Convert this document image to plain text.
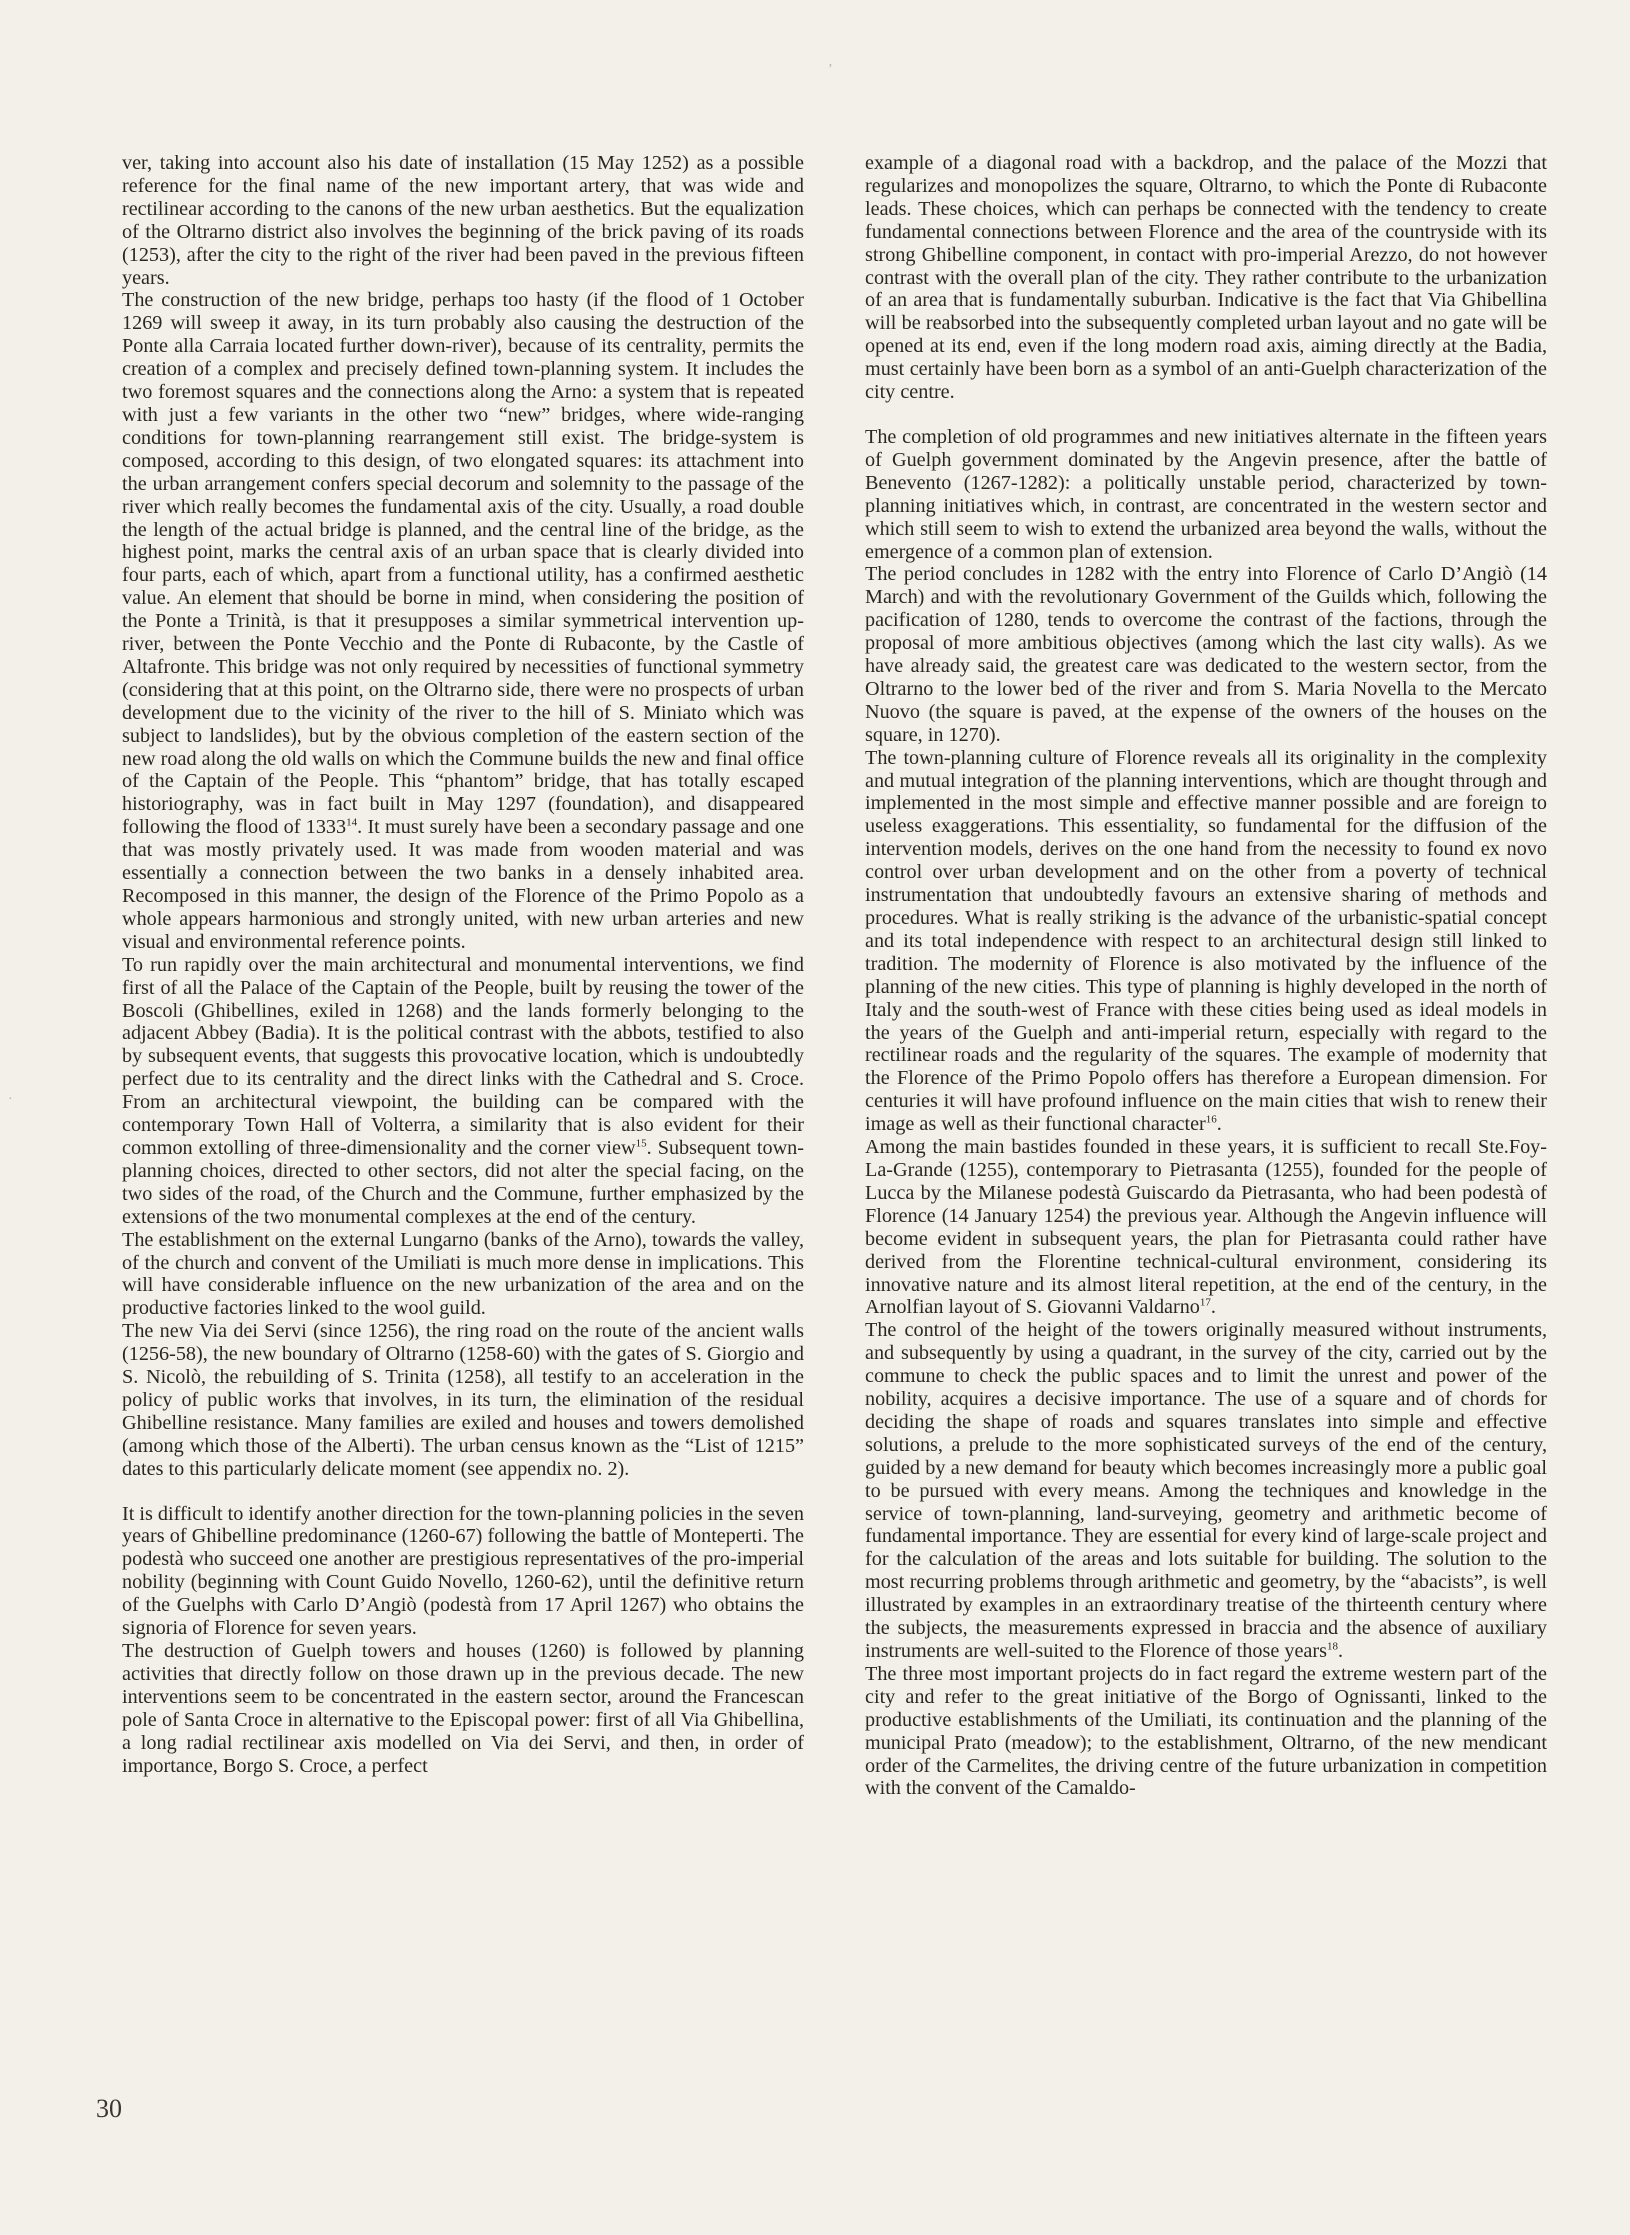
ver, taking into account also his date of installation (15 May 1252) as a possible reference for the final name of the new important artery, that was wide and rectilinear according to the canons of the new urban aesthetics. But the equalization of the Oltrarno district also involves the beginning of the brick paving of its roads (1253), after the city to the right of the river had been paved in the previous fifteen years.

The construction of the new bridge, perhaps too hasty (if the flood of 1 October 1269 will sweep it away, in its turn probably also causing the destruction of the Ponte alla Carraia located further down-river), because of its centrality, permits the creation of a complex and precisely defined town-planning system. It includes the two foremost squares and the connections along the Arno: a system that is repeated with just a few variants in the other two “new” bridges, where wide-ranging conditions for town-planning rearrangement still exist. The bridge-system is composed, according to this design, of two elongated squares: its attachment into the urban arrangement confers special decorum and solemnity to the passage of the river which really becomes the fundamental axis of the city. Usually, a road double the length of the actual bridge is planned, and the central line of the bridge, as the highest point, marks the central axis of an urban space that is clearly divided into four parts, each of which, apart from a functional utility, has a confirmed aesthetic value. An element that should be borne in mind, when considering the position of the Ponte a Trinità, is that it presupposes a similar symmetrical intervention up-river, between the Ponte Vecchio and the Ponte di Rubaconte, by the Castle of Altafronte. This bridge was not only required by necessities of functional symmetry (considering that at this point, on the Oltrarno side, there were no prospects of urban development due to the vicinity of the river to the hill of S. Miniato which was subject to landslides), but by the obvious completion of the eastern section of the new road along the old walls on which the Commune builds the new and final office of the Captain of the People. This “phantom” bridge, that has totally escaped historiography, was in fact built in May 1297 (foundation), and disappeared following the flood of 1333$^{14}$. It must surely have been a secondary passage and one that was mostly privately used. It was made from wooden material and was essentially a connection between the two banks in a densely inhabited area. Recomposed in this manner, the design of the Florence of the Primo Popolo as a whole appears harmonious and strongly united, with new urban arteries and new visual and environmental reference points.

To run rapidly over the main architectural and monumental interventions, we find first of all the Palace of the Captain of the People, built by reusing the tower of the Boscoli (Ghibellines, exiled in 1268) and the lands formerly belonging to the adjacent Abbey (Badia). It is the political contrast with the abbots, testified to also by subsequent events, that suggests this provocative location, which is undoubtedly perfect due to its centrality and the direct links with the Cathedral and S. Croce. From an architectural viewpoint, the building can be compared with the contemporary Town Hall of Volterra, a similarity that is also evident for their common extolling of three-dimensionality and the corner view$^{15}$. Subsequent town-planning choices, directed to other sectors, did not alter the special facing, on the two sides of the road, of the Church and the Commune, further emphasized by the extensions of the two monumental complexes at the end of the century.

The establishment on the external Lungarno (banks of the Arno), towards the valley, of the church and convent of the Umiliati is much more dense in implications. This will have considerable influence on the new urbanization of the area and on the productive factories linked to the wool guild.

The new Via dei Servi (since 1256), the ring road on the route of the ancient walls (1256-58), the new boundary of Oltrarno (1258-60) with the gates of S. Giorgio and S. Nicolò, the rebuilding of S. Trinita (1258), all testify to an acceleration in the policy of public works that involves, in its turn, the elimination of the residual Ghibelline resistance. Many families are exiled and houses and towers demolished (among which those of the Alberti). The urban census known as the “List of 1215” dates to this particularly delicate moment (see appendix no. 2).

It is difficult to identify another direction for the town-planning policies in the seven years of Ghibelline predominance (1260-67) following the battle of Monteperti. The podestà who succeed one another are prestigious representatives of the pro-imperial nobility (beginning with Count Guido Novello, 1260-62), until the definitive return of the Guelphs with Carlo D’Angiò (podestà from 17 April 1267) who obtains the signoria of Florence for seven years.

The destruction of Guelph towers and houses (1260) is followed by planning activities that directly follow on those drawn up in the previous decade. The new interventions seem to be concentrated in the eastern sector, around the Francescan pole of Santa Croce in alternative to the Episcopal power: first of all Via Ghibellina, a long radial rectilinear axis modelled on Via dei Servi, and then, in order of importance, Borgo S. Croce, a perfect

example of a diagonal road with a backdrop, and the palace of the Mozzi that regularizes and monopolizes the square, Oltrarno, to which the Ponte di Rubaconte leads. These choices, which can perhaps be connected with the tendency to create fundamental connections between Florence and the area of the countryside with its strong Ghibelline component, in contact with pro-imperial Arezzo, do not however contrast with the overall plan of the city. They rather contribute to the urbanization of an area that is fundamentally suburban. Indicative is the fact that Via Ghibellina will be reabsorbed into the subsequently completed urban layout and no gate will be opened at its end, even if the long modern road axis, aiming directly at the Badia, must certainly have been born as a symbol of an anti-Guelph characterization of the city centre.

The completion of old programmes and new initiatives alternate in the fifteen years of Guelph government dominated by the Angevin presence, after the battle of Benevento (1267-1282): a politically unstable period, characterized by town-planning initiatives which, in contrast, are concentrated in the western sector and which still seem to wish to extend the urbanized area beyond the walls, without the emergence of a common plan of extension.

The period concludes in 1282 with the entry into Florence of Carlo D’Angiò (14 March) and with the revolutionary Government of the Guilds which, following the pacification of 1280, tends to overcome the contrast of the factions, through the proposal of more ambitious objectives (among which the last city walls). As we have already said, the greatest care was dedicated to the western sector, from the Oltrarno to the lower bed of the river and from S. Maria Novella to the Mercato Nuovo (the square is paved, at the expense of the owners of the houses on the square, in 1270).

The town-planning culture of Florence reveals all its originality in the complexity and mutual integration of the planning interventions, which are thought through and implemented in the most simple and effective manner possible and are foreign to useless exaggerations. This essentiality, so fundamental for the diffusion of the intervention models, derives on the one hand from the necessity to found ex novo control over urban development and on the other from a poverty of technical instrumentation that undoubtedly favours an extensive sharing of methods and procedures. What is really striking is the advance of the urbanistic-spatial concept and its total independence with respect to an architectural design still linked to tradition. The modernity of Florence is also motivated by the influence of the planning of the new cities. This type of planning is highly developed in the north of Italy and the south-west of France with these cities being used as ideal models in the years of the Guelph and anti-imperial return, especially with regard to the rectilinear roads and the regularity of the squares. The example of modernity that the Florence of the Primo Popolo offers has therefore a European dimension. For centuries it will have profound influence on the main cities that wish to renew their image as well as their functional character$^{16}$.

Among the main bastides founded in these years, it is sufficient to recall Ste.Foy-La-Grande (1255), contemporary to Pietrasanta (1255), founded for the people of Lucca by the Milanese podestà Guiscardo da Pietrasanta, who had been podestà of Florence (14 January 1254) the previous year. Although the Angevin influence will become evident in subsequent years, the plan for Pietrasanta could rather have derived from the Florentine technical-cultural environment, considering its innovative nature and its almost literal repetition, at the end of the century, in the Arnolfian layout of S. Giovanni Valdarno$^{17}$.

The control of the height of the towers originally measured without instruments, and subsequently by using a quadrant, in the survey of the city, carried out by the commune to check the public spaces and to limit the unrest and power of the nobility, acquires a decisive importance. The use of a square and of chords for deciding the shape of roads and squares translates into simple and effective solutions, a prelude to the more sophisticated surveys of the end of the century, guided by a new demand for beauty which becomes increasingly more a public goal to be pursued with every means. Among the techniques and knowledge in the service of town-planning, land-surveying, geometry and arithmetic become of fundamental importance. They are essential for every kind of large-scale project and for the calculation of the areas and lots suitable for building. The solution to the most recurring problems through arithmetic and geometry, by the “abacists”, is well illustrated by examples in an extraordinary treatise of the thirteenth century where the subjects, the measurements expressed in braccia and the absence of auxiliary instruments are well-suited to the Florence of those years$^{18}$.

The three most important projects do in fact regard the extreme western part of the city and refer to the great initiative of the Borgo of Ognissanti, linked to the productive establishments of the Umiliati, its continuation and the planning of the municipal Prato (meadow); to the establishment, Oltrarno, of the new mendicant order of the Carmelites, the driving centre of the future urbanization in competition with the convent of the Camaldo-

30
’
·
